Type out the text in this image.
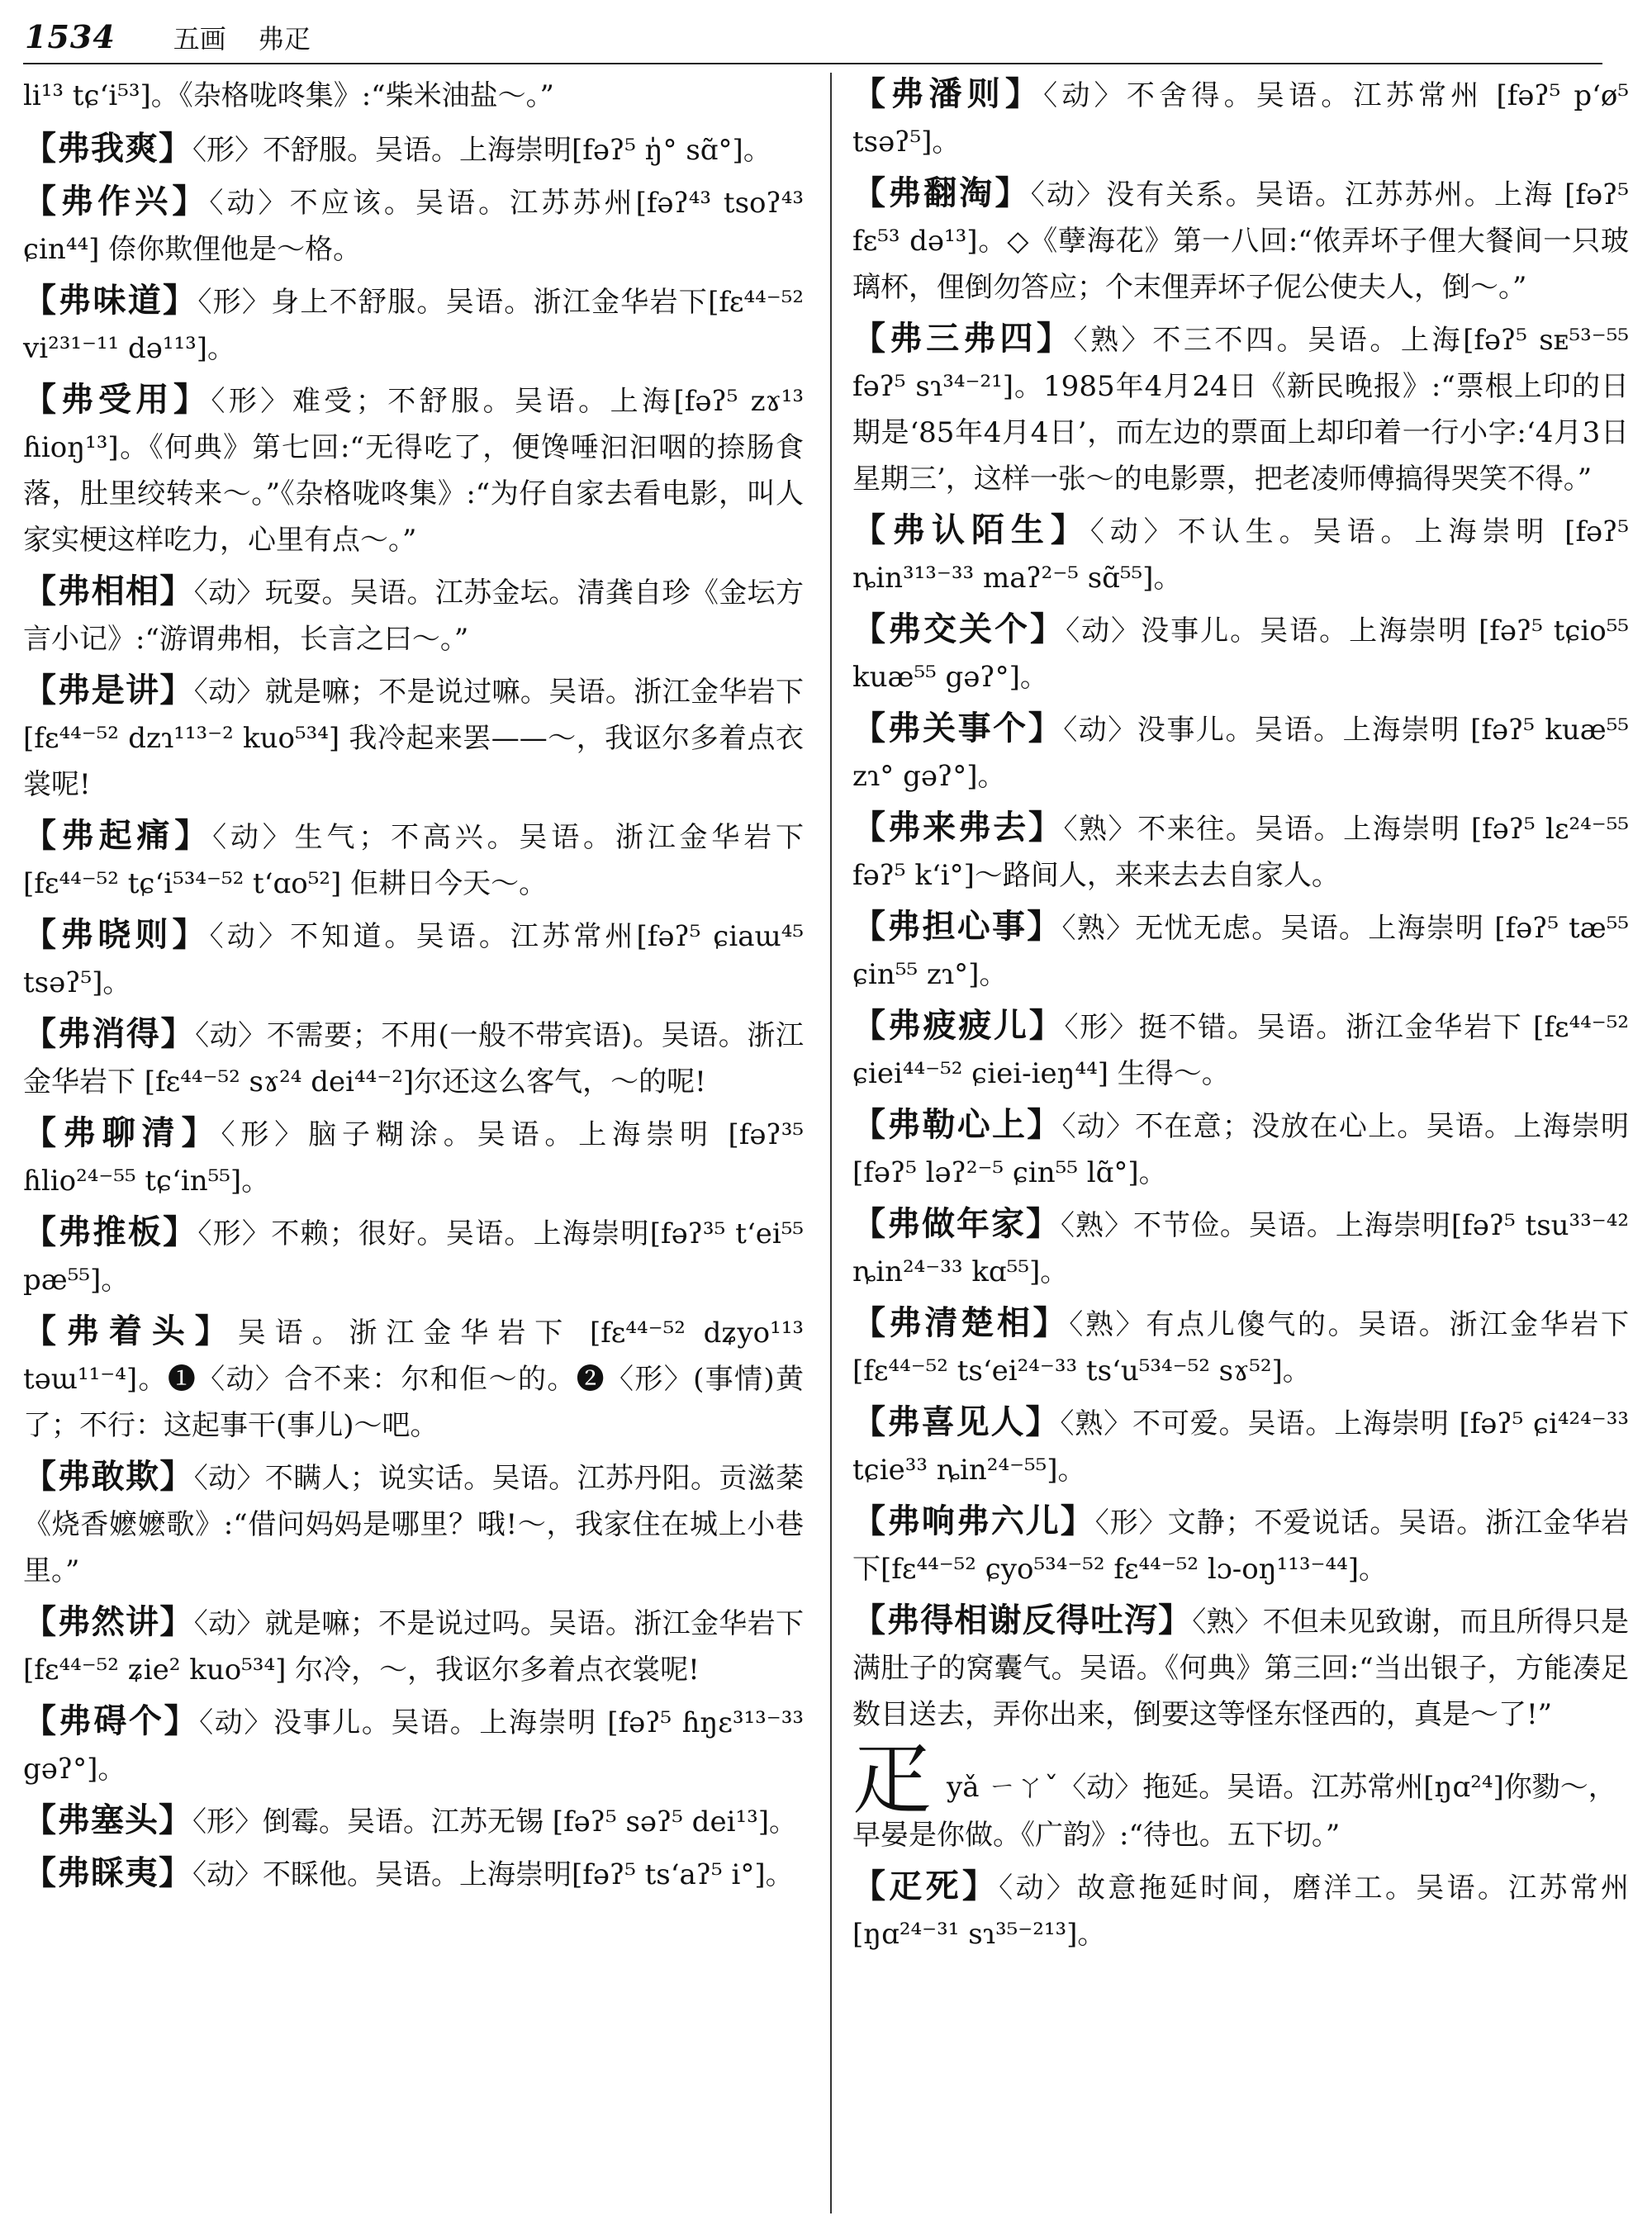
1534 五画 弗疋

li¹³ tɕʻi⁵³]。《杂格咙咚集》:“柴米油盐～。”

【弗我爽】〈形〉不舒服。吴语。上海崇明[fəʔ⁵ ŋ̍° sɑ̃°]。

【弗作兴】〈动〉不应该。吴语。江苏苏州[fəʔ⁴³ tsoʔ⁴³ ɕin⁴⁴] 倷你欺俚他是～格。

【弗味道】〈形〉身上不舒服。吴语。浙江金华岩下[fɛ⁴⁴⁻⁵² vi²³¹⁻¹¹ də¹¹³]。

【弗受用】〈形〉难受；不舒服。吴语。上海[fəʔ⁵ zɤ¹³ ɦioŋ¹³]。《何典》第七回:“无得吃了，便馋唾汩汩咽的捺肠食落，肚里绞转来～。”《杂格咙咚集》:“为仔自家去看电影，叫人家实梗这样吃力，心里有点～。”

【弗相相】〈动〉玩耍。吴语。江苏金坛。清龚自珍《金坛方言小记》:“游谓弗相，长言之曰～。”

【弗是讲】〈动〉就是嘛；不是说过嘛。吴语。浙江金华岩下 [fɛ⁴⁴⁻⁵² dzɿ¹¹³⁻² kuo⁵³⁴] 我冷起来罢——～，我讴尔多着点衣裳呢!

【弗起痛】〈动〉生气；不高兴。吴语。浙江金华岩下[fɛ⁴⁴⁻⁵² tɕʻi⁵³⁴⁻⁵² tʻɑo⁵²] 佢耕日今天～。

【弗晓则】〈动〉不知道。吴语。江苏常州[fəʔ⁵ ɕiaɯ⁴⁵ tsəʔ⁵]。

【弗消得】〈动〉不需要；不用(一般不带宾语)。吴语。浙江金华岩下 [fɛ⁴⁴⁻⁵² sɤ²⁴ dei⁴⁴⁻²]尔还这么客气，～的呢!

【弗聊清】〈形〉脑子糊涂。吴语。上海崇明 [fəʔ³⁵ ɦlio²⁴⁻⁵⁵ tɕʻin⁵⁵]。

【弗推板】〈形〉不赖；很好。吴语。上海崇明[fəʔ³⁵ tʻei⁵⁵ pæ⁵⁵]。

【弗着头】吴语。浙江金华岩下 [fɛ⁴⁴⁻⁵² dʑyo¹¹³ təɯ¹¹⁻⁴]。❶〈动〉合不来：尔和佢～的。❷〈形〉(事情)黄了；不行：这起事干(事儿)～吧。

【弗敢欺】〈动〉不瞒人；说实话。吴语。江苏丹阳。贡滋棻《烧香嬷嬷歌》:“借问妈妈是哪里？哦!～，我家住在城上小巷里。”

【弗然讲】〈动〉就是嘛；不是说过吗。吴语。浙江金华岩下 [fɛ⁴⁴⁻⁵² ʑie² kuo⁵³⁴] 尔冷，～，我讴尔多着点衣裳呢!

【弗碍个】〈动〉没事儿。吴语。上海崇明 [fəʔ⁵ ɦŋɛ³¹³⁻³³ gəʔ°]。

【弗塞头】〈形〉倒霉。吴语。江苏无锡 [fəʔ⁵ səʔ⁵ dei¹³]。

【弗睬夷】〈动〉不睬他。吴语。上海崇明[fəʔ⁵ tsʻaʔ⁵ i°]。

【弗潘则】〈动〉不舍得。吴语。江苏常州 [fəʔ⁵ pʻø⁵ tsəʔ⁵]。

【弗翻淘】〈动〉没有关系。吴语。江苏苏州。上海 [fəʔ⁵ fɛ⁵³ də¹³]。◇《孽海花》第一八回:“侬弄坏子俚大餐间一只玻璃杯，俚倒勿答应；个末俚弄坏子伲公使夫人，倒～。”

【弗三弗四】〈熟〉不三不四。吴语。上海[fəʔ⁵ sᴇ⁵³⁻⁵⁵ fəʔ⁵ sɿ³⁴⁻²¹]。1985年4月24日《新民晚报》:“票根上印的日期是‘85年4月4日’，而左边的票面上却印着一行小字:‘4月3日星期三’，这样一张～的电影票，把老凌师傅搞得哭笑不得。”

【弗认陌生】〈动〉不认生。吴语。上海崇明 [fəʔ⁵ ȵin³¹³⁻³³ maʔ²⁻⁵ sɑ̃⁵⁵]。

【弗交关个】〈动〉没事儿。吴语。上海崇明 [fəʔ⁵ tɕio⁵⁵ kuæ⁵⁵ gəʔ°]。

【弗关事个】〈动〉没事儿。吴语。上海崇明 [fəʔ⁵ kuæ⁵⁵ zɿ° gəʔ°]。

【弗来弗去】〈熟〉不来往。吴语。上海崇明 [fəʔ⁵ lɛ²⁴⁻⁵⁵ fəʔ⁵ kʻi°]～路间人，来来去去自家人。

【弗担心事】〈熟〉无忧无虑。吴语。上海崇明 [fəʔ⁵ tæ⁵⁵ ɕin⁵⁵ zɿ°]。

【弗疲疲儿】〈形〉挺不错。吴语。浙江金华岩下 [fɛ⁴⁴⁻⁵² ɕiei⁴⁴⁻⁵² ɕiei-ieŋ⁴⁴] 生得～。

【弗勒心上】〈动〉不在意；没放在心上。吴语。上海崇明 [fəʔ⁵ ləʔ²⁻⁵ ɕin⁵⁵ lɑ̃°]。

【弗做年家】〈熟〉不节俭。吴语。上海崇明[fəʔ⁵ tsu³³⁻⁴² ȵin²⁴⁻³³ kɑ⁵⁵]。

【弗清楚相】〈熟〉有点儿傻气的。吴语。浙江金华岩下 [fɛ⁴⁴⁻⁵² tsʻei²⁴⁻³³ tsʻu⁵³⁴⁻⁵² sɤ⁵²]。

【弗喜见人】〈熟〉不可爱。吴语。上海崇明 [fəʔ⁵ ɕi⁴²⁴⁻³³ tɕie³³ ȵin²⁴⁻⁵⁵]。

【弗响弗六儿】〈形〉文静；不爱说话。吴语。浙江金华岩下[fɛ⁴⁴⁻⁵² ɕyo⁵³⁴⁻⁵² fɛ⁴⁴⁻⁵² lɔ-oŋ¹¹³⁻⁴⁴]。

【弗得相谢反得吐泻】〈熟〉不但未见致谢，而且所得只是满肚子的窝囊气。吴语。《何典》第三回:“当出银子，方能凑足数目送去，弄你出来，倒要这等怪东怪西的，真是～了!”

疋yǎ ㄧㄚˇ〈动〉拖延。吴语。江苏常州[ŋɑ²⁴]你勠～，早晏是你做。《广韵》:“待也。五下切。”

【疋死】〈动〉故意拖延时间，磨洋工。吴语。江苏常州 [ŋɑ²⁴⁻³¹ sɿ³⁵⁻²¹³]。
